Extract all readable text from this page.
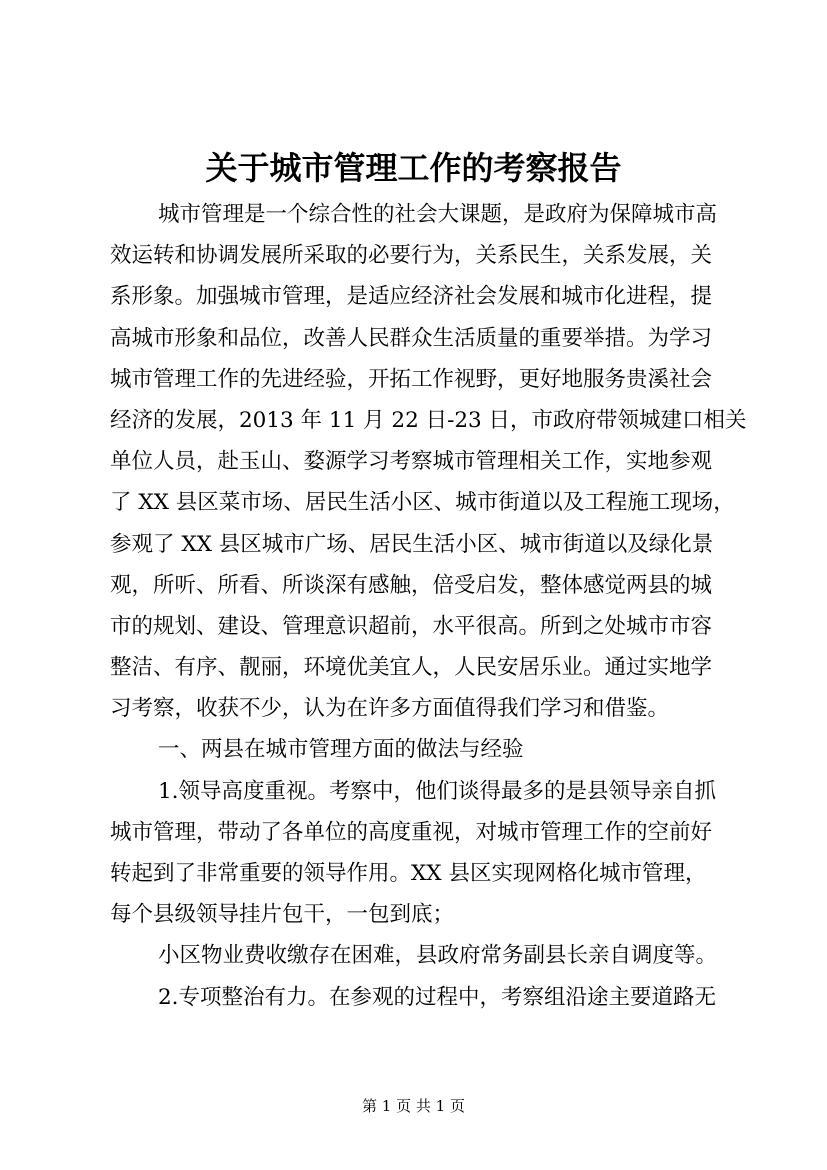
关于城市管理工作的考察报告
城市管理是一个综合性的社会大课题，是政府为保障城市高
效运转和协调发展所采取的必要行为，关系民生，关系发展，关
系形象。加强城市管理，是适应经济社会发展和城市化进程，提
高城市形象和品位，改善人民群众生活质量的重要举措。为学习
城市管理工作的先进经验，开拓工作视野，更好地服务贵溪社会
经济的发展，2013 年 11 月 22 日-23 日，市政府带领城建口相关
单位人员，赴玉山、婺源学习考察城市管理相关工作，实地参观
了 XX 县区菜市场、居民生活小区、城市街道以及工程施工现场，
参观了 XX 县区城市广场、居民生活小区、城市街道以及绿化景
观，所听、所看、所谈深有感触，倍受启发，整体感觉两县的城
市的规划、建设、管理意识超前，水平很高。所到之处城市市容
整洁、有序、靓丽，环境优美宜人，人民安居乐业。通过实地学
习考察，收获不少，认为在许多方面值得我们学习和借鉴。
一、两县在城市管理方面的做法与经验
1.领导高度重视。考察中，他们谈得最多的是县领导亲自抓
城市管理，带动了各单位的高度重视，对城市管理工作的空前好
转起到了非常重要的领导作用。XX 县区实现网格化城市管理，
每个县级领导挂片包干，一包到底；
小区物业费收缴存在困难，县政府常务副县长亲自调度等。
2.专项整治有力。在参观的过程中，考察组沿途主要道路无
第 1 页 共 1 页
